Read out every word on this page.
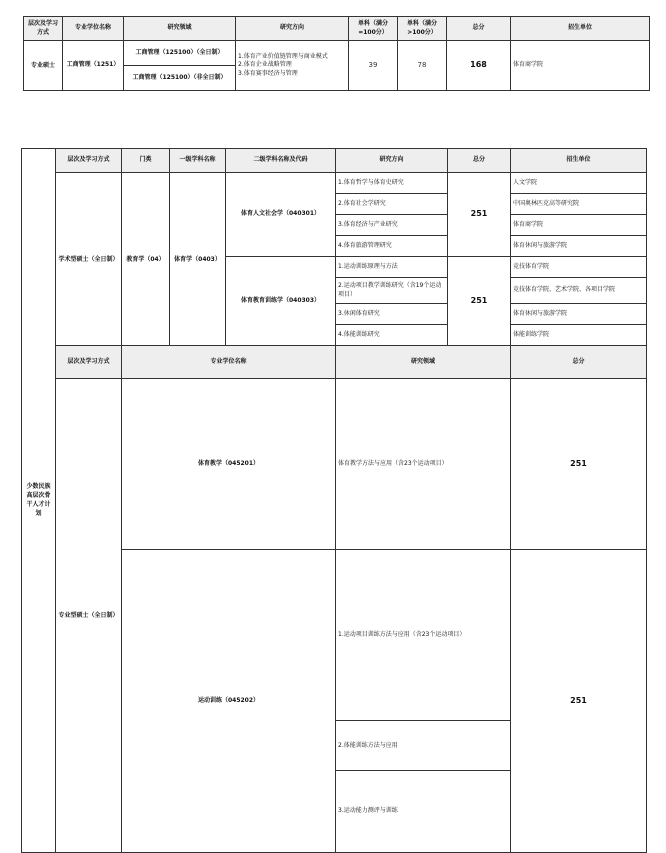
层次及学习方式	专业学位名称	研究领域	研究方向	单科（满分=100分）	单科（满分>100分）	总分	招生单位
专业硕士	工商管理（1251）	工商管理（125100）（全日制）	1.体育产业价值链管理与商业模式
2.体育企业战略管理
3.体育赛事经济与管理	39	78	168	体育商学院
		工商管理（125100）（非全日制）					
少数民族高层次骨干人才计划	层次及学习方式	门类	一级学科名称	二级学科名称及代码	研究方向	总分	招生单位	
	学术型硕士（全日制）	教育学（04）	体育学（0403）	体育人文社会学（040301）	1.体育哲学与体育史研究	251	人文学院	
					2.体育社会学研究		中国奥林匹克高等研究院	
					3.体育经济与产业研究		体育商学院	
					4.体育旅游管理研究		体育休闲与旅游学院	
				体育教育训练学（040303）	1.运动训练原理与方法	251	竞技体育学院	
					2.运动项目教学训练研究（含19个运动项目）		竞技体育学院、艺术学院、各项目学院	
					3.休闲体育研究		体育休闲与旅游学院	
					4.体能训练研究		体能训练学院	
	层次及学习方式	专业学位名称			研究领域		总分	
	专业型硕士（全日制）	体育教学（045201）			体育教学方法与应用（含23个运动项目）		251	
		运动训练（045202）			1.运动项目训练方法与应用（含23个运动项目）		251	
					2.体能训练方法与应用	
					3.运动能力测评与训练	
